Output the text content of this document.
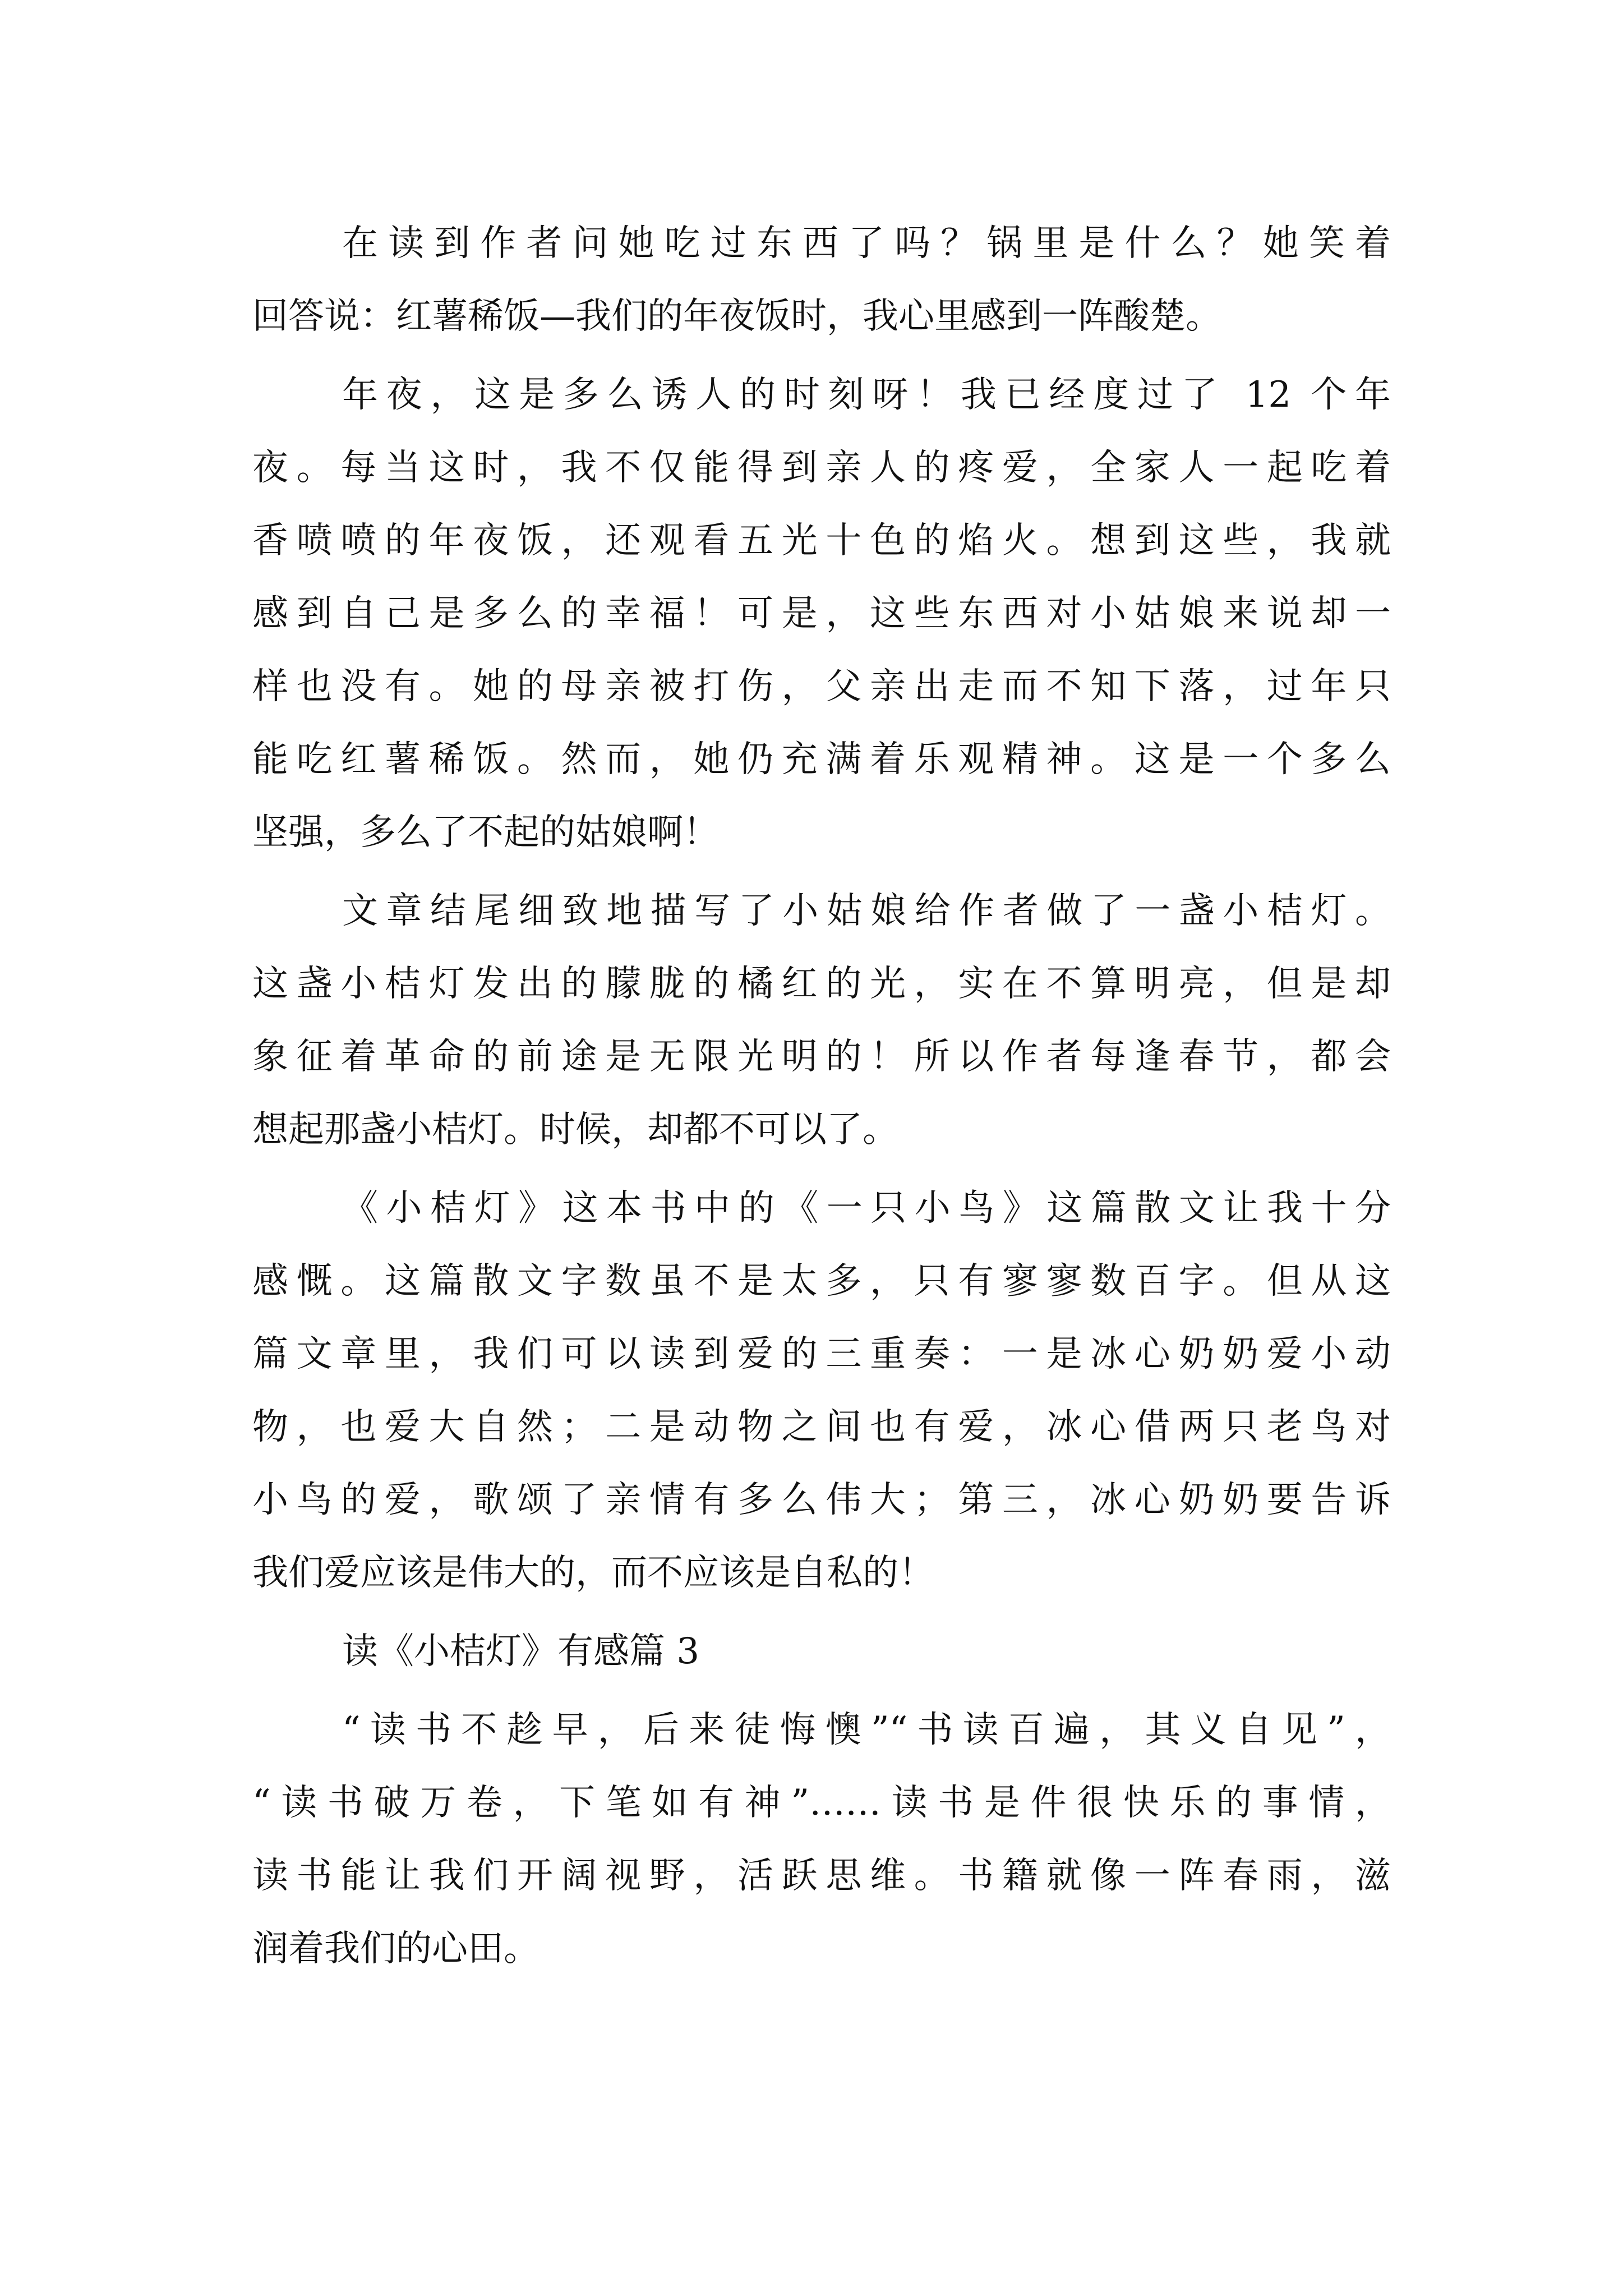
在读到作者问她吃过东西了吗？锅里是什么？她笑着
回答说：红薯稀饭—我们的年夜饭时，我心里感到一阵酸楚。
年夜，这是多么诱人的时刻呀！我已经度过了 12 个年
夜。每当这时，我不仅能得到亲人的疼爱，全家人一起吃着
香喷喷的年夜饭，还观看五光十色的焰火。想到这些，我就
感到自己是多么的幸福！可是，这些东西对小姑娘来说却一
样也没有。她的母亲被打伤，父亲出走而不知下落，过年只
能吃红薯稀饭。然而，她仍充满着乐观精神。这是一个多么
坚强，多么了不起的姑娘啊！
文章结尾细致地描写了小姑娘给作者做了一盏小桔灯。
这盏小桔灯发出的朦胧的橘红的光，实在不算明亮，但是却
象征着革命的前途是无限光明的！所以作者每逢春节，都会
想起那盏小桔灯。时候，却都不可以了。
《小桔灯》这本书中的《一只小鸟》这篇散文让我十分
感慨。这篇散文字数虽不是太多，只有寥寥数百字。但从这
篇文章里，我们可以读到爱的三重奏：一是冰心奶奶爱小动
物，也爱大自然；二是动物之间也有爱，冰心借两只老鸟对
小鸟的爱，歌颂了亲情有多么伟大；第三，冰心奶奶要告诉
我们爱应该是伟大的，而不应该是自私的！
读《小桔灯》有感篇 3
“读书不趁早，后来徒悔懊”“书读百遍，其义自见”，
“读书破万卷，下笔如有神”……读书是件很快乐的事情，
读书能让我们开阔视野，活跃思维。书籍就像一阵春雨，滋
润着我们的心田。
